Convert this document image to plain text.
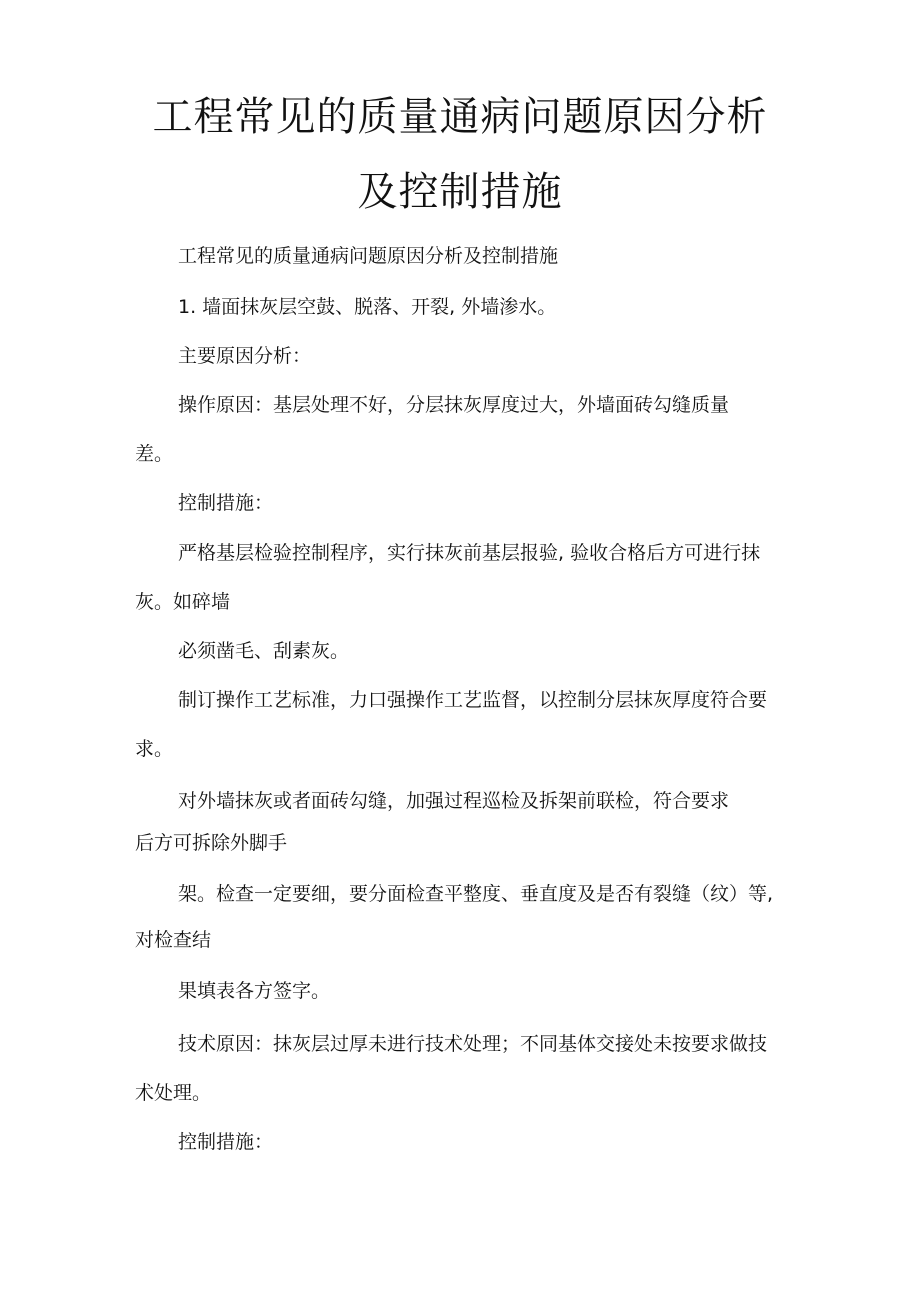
工程常见的质量通病问题原因分析
及控制措施
工程常见的质量通病问题原因分析及控制措施
1. 墙面抹灰层空鼓、脱落、开裂, 外墙渗水。
主要原因分析：
操作原因：基层处理不好，分层抹灰厚度过大，外墙面砖勾缝质量
差。
控制措施：
严格基层检验控制程序，实行抹灰前基层报验, 验收合格后方可进行抹
灰。如碎墙
必须凿毛、刮素灰。
制订操作工艺标准，力口强操作工艺监督，以控制分层抹灰厚度符合要
求。
对外墙抹灰或者面砖勾缝，加强过程巡检及拆架前联检，符合要求
后方可拆除外脚手
架。检查一定要细，要分面检查平整度、垂直度及是否有裂缝（纹）等,
对检查结
果填表各方签字。
技术原因：抹灰层过厚未进行技术处理；不同基体交接处未按要求做技
术处理。
控制措施：
